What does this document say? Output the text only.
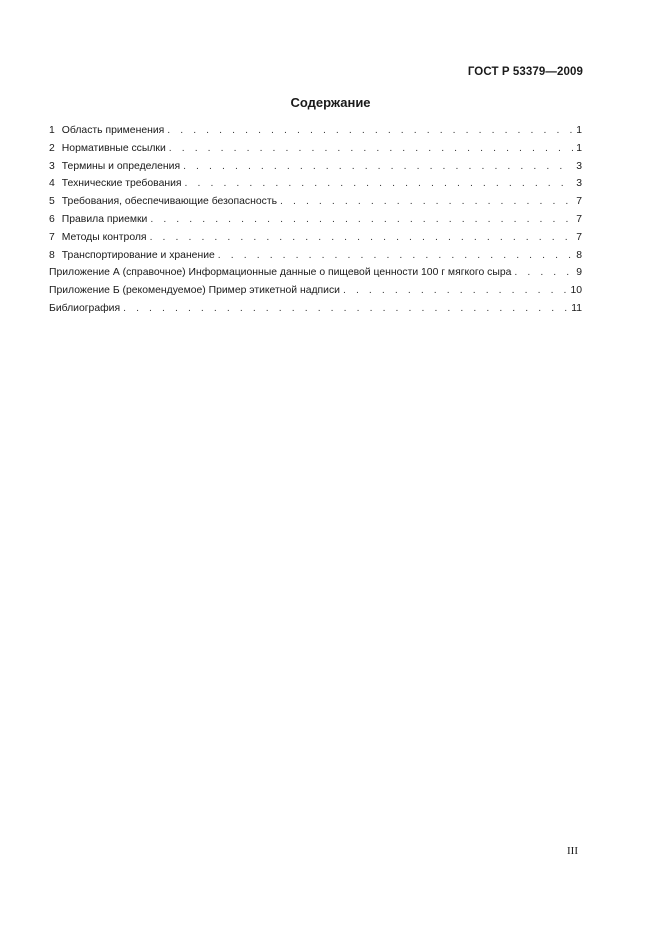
ГОСТ Р 53379—2009
Содержание
1 Область применения . . .	1
2 Нормативные ссылки . . .	1
3 Термины и определения . . .	3
4 Технические требования . . .	3
5 Требования, обеспечивающие безопасность . . .	7
6 Правила приемки . . .	7
7 Методы контроля . . .	7
8 Транспортирование и хранение . . .	8
Приложение А (справочное) Информационные данные о пищевой ценности 100 г мягкого сыра . . .	9
Приложение Б (рекомендуемое) Пример этикетной надписи . . .	10
Библиография . . .	11
III
